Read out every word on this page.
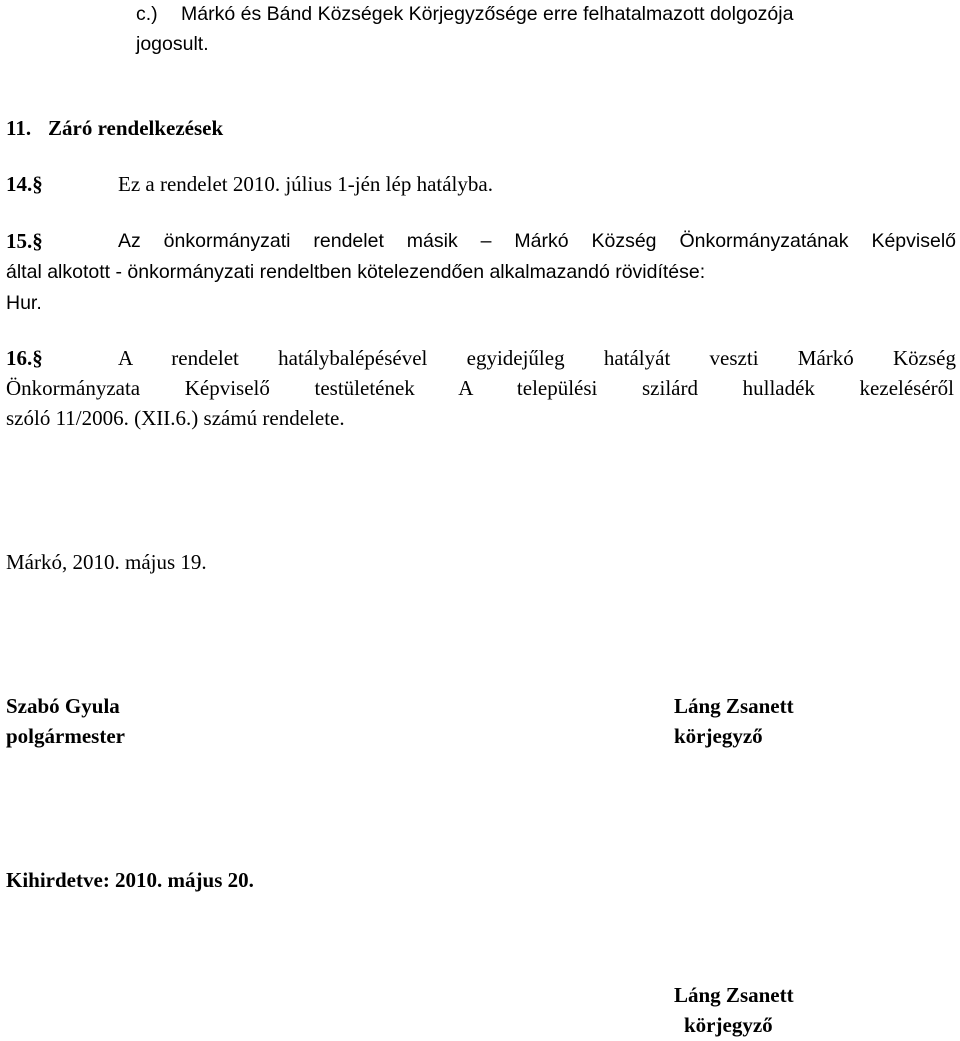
c.) Márkó és Bánd Községek Körjegyzősége erre felhatalmazott dolgozója
jogosult.
11. Záró rendelkezések
14.§	Ez a rendelet 2010. július 1-jén lép hatályba.
15.§	Az önkormányzati rendelet másik – Márkó Község Önkormányzatának Képviselő
által alkotott - önkormányzati rendeltben kötelezendően alkalmazandó rövidítése:
Hur.
16.§	A rendelet hatálybalépésével egyidejűleg hatályát veszti Márkó Község
Önkormányzata Képviselő testületének A települési szilárd hulladék kezeléséről
szóló 11/2006. (XII.6.) számú rendelete.
Márkó, 2010. május 19.
Szabó Gyula
polgármester
Láng Zsanett
körjegyző
Kihirdetve: 2010. május 20.
Láng Zsanett
körjegyző
